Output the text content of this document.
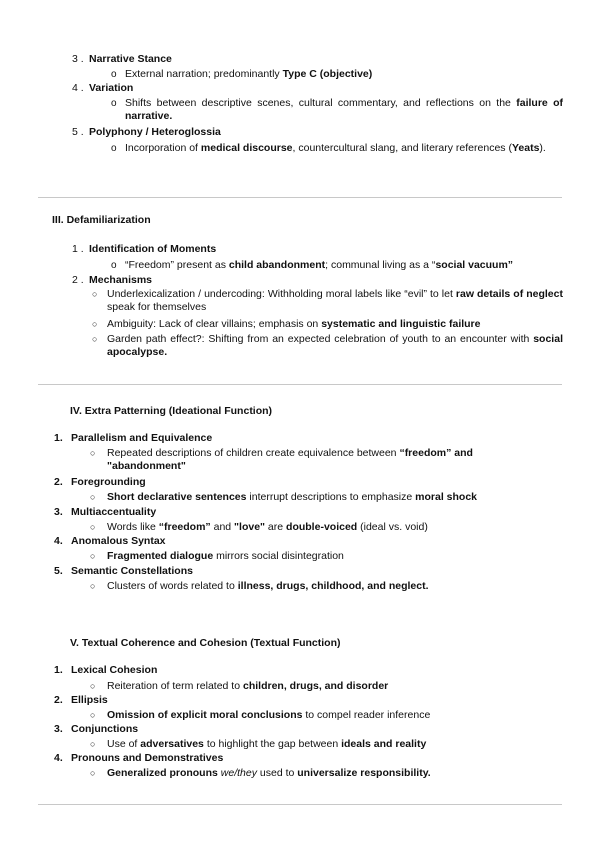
3 . Narrative Stance
o External narration; predominantly Type C (objective)
4 . Variation
o Shifts between descriptive scenes, cultural commentary, and reflections on the failure of narrative.
5 . Polyphony / Heteroglossia
o Incorporation of medical discourse, countercultural slang, and literary references (Yeats).
III. Defamiliarization
1 . Identification of Moments
o “Freedom” present as child abandonment; communal living as a “social vacuum”
2 . Mechanisms
○ Underlexicalization / undercoding: Withholding moral labels like “evil” to let raw details of neglect speak for themselves
○ Ambiguity: Lack of clear villains; emphasis on systematic and linguistic failure
○ Garden path effect?: Shifting from an expected celebration of youth to an encounter with social apocalypse.
IV. Extra Patterning (Ideational Function)
1. Parallelism and Equivalence
○ Repeated descriptions of children create equivalence between “freedom” and "abandonment"
2. Foregrounding
○ Short declarative sentences interrupt descriptions to emphasize moral shock
3. Multiaccentuality
○ Words like “freedom” and "love" are double-voiced (ideal vs. void)
4. Anomalous Syntax
○ Fragmented dialogue mirrors social disintegration
5. Semantic Constellations
○ Clusters of words related to illness, drugs, childhood, and neglect.
V. Textual Coherence and Cohesion (Textual Function)
1. Lexical Cohesion
○ Reiteration of term related to children, drugs, and disorder
2. Ellipsis
○ Omission of explicit moral conclusions to compel reader inference
3. Conjunctions
○ Use of adversatives to highlight the gap between ideals and reality
4. Pronouns and Demonstratives
○ Generalized pronouns we/they used to universalize responsibility.
